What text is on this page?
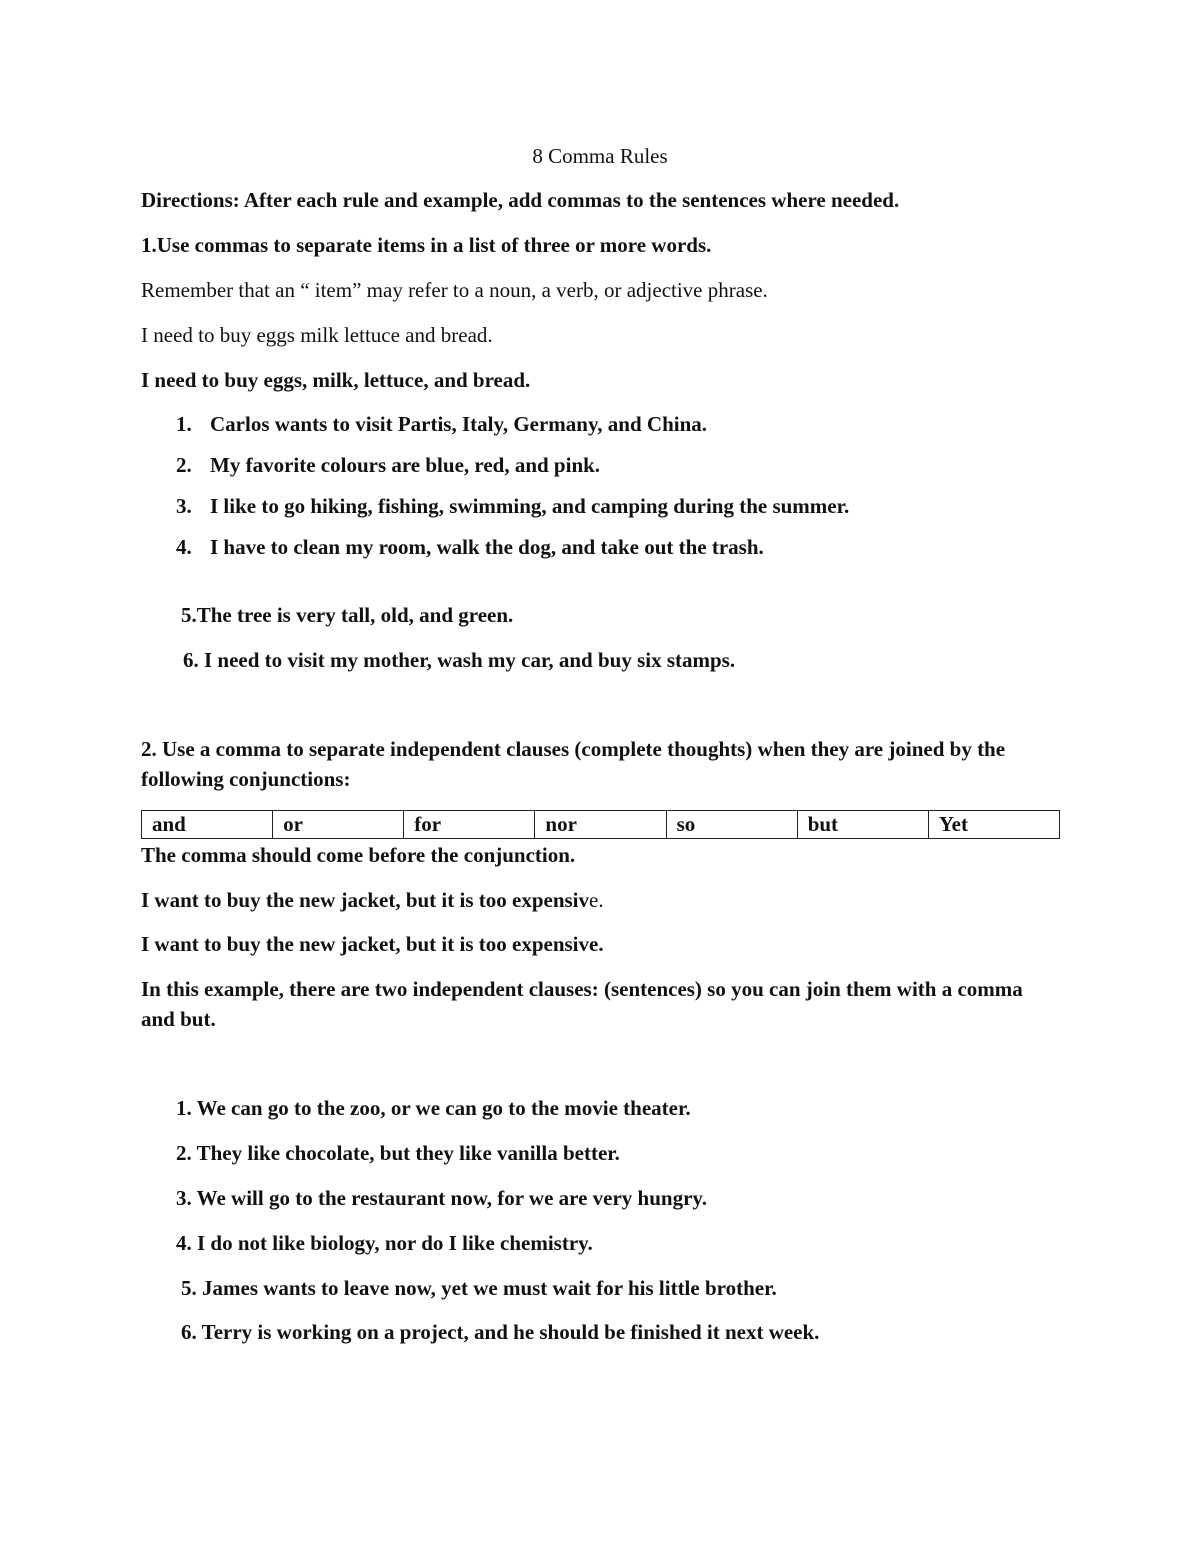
8 Comma Rules

Directions: After each rule and example, add commas to the sentences where needed.

1.Use commas to separate items in a list of three or more words.

Remember that an “ item” may refer to a noun, a verb, or adjective phrase.

I need to buy eggs milk lettuce and bread.

I need to buy eggs, milk, lettuce, and bread.

1. Carlos wants to visit Partis, Italy, Germany, and China.
2. My favorite colours are blue, red, and pink.
3. I like to go hiking, fishing, swimming, and camping during the summer.
4. I have to clean my room, walk the dog, and take out the trash.

5.The tree is very tall, old, and green.

6. I need to visit my mother, wash my car, and buy six stamps.

2. Use a comma to separate independent clauses (complete thoughts) when they are joined by the following conjunctions:

and	or	for	nor	so	but	Yet

The comma should come before the conjunction.

I want to buy the new jacket, but it is too expensive.

I want to buy the new jacket, but it is too expensive.

In this example, there are two independent clauses: (sentences) so you can join them with a comma and but.

1. We can go to the zoo, or we can go to the movie theater.

2. They like chocolate, but they like vanilla better.

3. We will go to the restaurant now, for we are very hungry.

4. I do not like biology, nor do I like chemistry.

5. James wants to leave now, yet we must wait for his little brother.

6. Terry is working on a project, and he should be finished it next week.
